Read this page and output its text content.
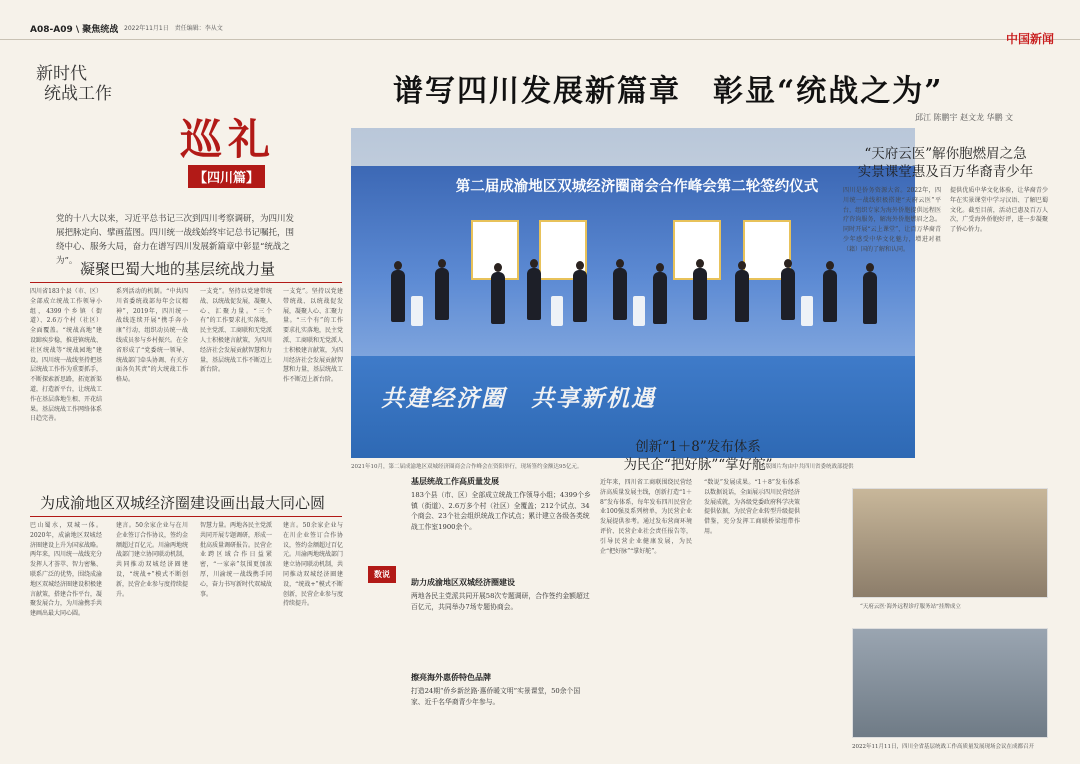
A08-A09 \ 聚焦统战 2022年11月1日　责任编辑：李从文
中国新闻
新时代
统战工作
巡礼
【四川篇】
谱写四川发展新篇章　彰显“统战之为”
邱江 陈鹏宇 赵文龙 华鹏 文
党的十八大以来，习近平总书记三次到四川考察调研，为四川发展把脉定向、擘画蓝图。四川统一战线始终牢记总书记嘱托，围绕中心、服务大局，奋力在谱写四川发展新篇章中彰显“统战之为”。 凝聚巴蜀大地的基层统战力量
四川省183个县（市、区）全部成立统战工作领导小组，4399个乡镇（街道）、2.6万个村（社区）全面覆盖。“统战高地”建设蹄疾步稳，推进镇统战、社区统战等“统战园地”建设。四川统一战线坚持把基层统战工作作为重要抓手，不断探索新思路，拓宽新渠道，打造新平台，让统战工作在基层落地生根、开花结果。基层统战工作网络体系日趋完善。
系列活动的机制。“中共四川省委统战部每年会议精神”，2019年，四川统一战线连续开展“携手奔小康”行动，组织动员统一战线成员参与乡村振兴。在全省形成了“党委统一领导、统战部门牵头协调、有关方面各负其责”的大统战工作格局。
一支党”。坚持以党建带统战、以统战促发展，凝聚人心、汇聚力量。“三个有”的工作要求扎实落地，民主党派、工商联和无党派人士积极建言献策，为四川经济社会发展贡献智慧和力量，基层统战工作不断迈上新台阶。
一支党”。坚持以党建带统战、以统战促发展，凝聚人心、汇聚力量。“三个有”的工作要求扎实落地，民主党派、工商联和无党派人士积极建言献策，为四川经济社会发展贡献智慧和力量，基层统战工作不断迈上新台阶。
为成渝地区双城经济圈建设画出最大同心圆
巴山蜀水，双城一体。2020年，成渝地区双城经济圈建设上升为国家战略。两年来，四川统一战线充分发挥人才荟萃、智力密集、联系广泛的优势，围绕成渝地区双城经济圈建设积极建言献策，搭建合作平台，凝聚发展合力，为川渝携手共建画出最大同心圆。
建言。50余家企业与在川企业签订合作协议，签约金额超过百亿元。川渝两地统战部门建立协同联动机制，共同推动双城经济圈建设，“统战+”模式不断创新，民营企业参与度持续提升。
智慧力量。两地各民主党派共同开展专题调研，形成一批高质量调研报告。民营企业跨区域合作日益紧密，“一家亲”氛围更加浓厚，川渝统一战线携手同心，奋力书写新时代双城故事。
建言。50余家企业与在川企业签订合作协议，签约金额超过百亿元。川渝两地统战部门建立协同联动机制，共同推动双城经济圈建设，“统战+”模式不断创新，民营企业参与度持续提升。
第二届成渝地区双城经济圈商会合作峰会第二轮签约仪式
共建经济圈　共享新机遇
2021年10月，第二届成渝地区双城经济圈商会合作峰会在资阳举行，现场签约金额达95亿元。	本版图片均由中共四川省委统战部提供
基层统战工作高质量发展
183个县（市、区）全部成立统战工作领导小组；4399个乡镇（街道）、2.6万多个村（社区）全覆盖；212个试点、34个商会、23个社会组织统战工作试点；累计建立各级各类统战工作室1900余个。
数说
助力成渝地区双城经济圈建设
两地各民主党派共同开展58次专题调研，合作签约金额超过百亿元，共同举办7场专题协商会。
擦亮海外惠侨特色品牌
打造24期“侨乡新丝路·惠侨暖文明”实景课堂，50余个国家、近千名华裔青少年参与。
创新“1＋8”发布体系
为民企“把好脉”“掌好舵”
近年来，四川省工商联围绕民营经济高质量发展主线，创新打造“1＋8”发布体系，每年发布四川民营企业100强及系列榜单，为民营企业发展提供参考。通过发布营商环境评价、民营企业社会责任报告等，引导民营企业健康发展，为民企“把好脉”“掌好舵”。
“数说”发展成果。“1＋8”发布体系以数据说话，全面展示四川民营经济发展成就，为各级党委政府科学决策提供依据，为民营企业转型升级提供借鉴，充分发挥工商联桥梁纽带作用。
“天府云医”解你胞燃眉之急
实景课堂惠及百万华裔青少年
四川是侨务资源大省。2022年，四川统一战线积极搭建“天府云医”平台，组织专家为海外侨胞提供远程医疗咨询服务，解海外侨胞燃眉之急。同时开展“云上课堂”，让百万华裔青少年感受中华文化魅力，增进对祖（籍）国的了解和认同。
提供优质中华文化体验，让华裔青少年在实景课堂中学习汉语、了解巴蜀文化。截至目前，活动已惠及百万人次，广受海外侨胞好评，进一步凝聚了侨心侨力。
“天府云医·海外远程诊疗服务站”挂牌成立
2022年11月11日，四川全省基层统战工作高质量发展现场会议在成都召开
